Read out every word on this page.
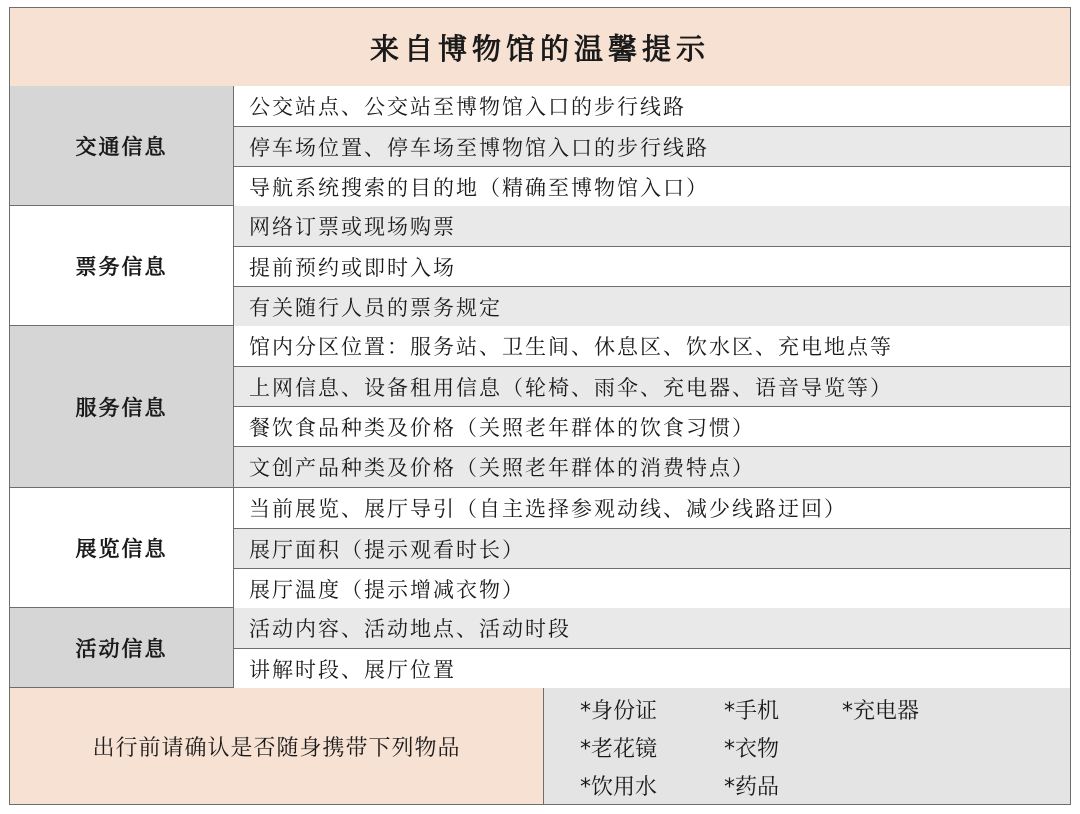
来自博物馆的温馨提示
交通信息
公交站点、公交站至博物馆入口的步行线路
停车场位置、停车场至博物馆入口的步行线路
导航系统搜索的目的地（精确至博物馆入口）
票务信息
网络订票或现场购票
提前预约或即时入场
有关随行人员的票务规定
服务信息
馆内分区位置：服务站、卫生间、休息区、饮水区、充电地点等
上网信息、设备租用信息（轮椅、雨伞、充电器、语音导览等）
餐饮食品种类及价格（关照老年群体的饮食习惯）
文创产品种类及价格（关照老年群体的消费特点）
展览信息
当前展览、展厅导引（自主选择参观动线、减少线路迂回）
展厅面积（提示观看时长）
展厅温度（提示增减衣物）
活动信息
活动内容、活动地点、活动时段
讲解时段、展厅位置
出行前请确认是否随身携带下列物品
*身份证	*手机	*充电器
*老花镜	*衣物
*饮用水	*药品
